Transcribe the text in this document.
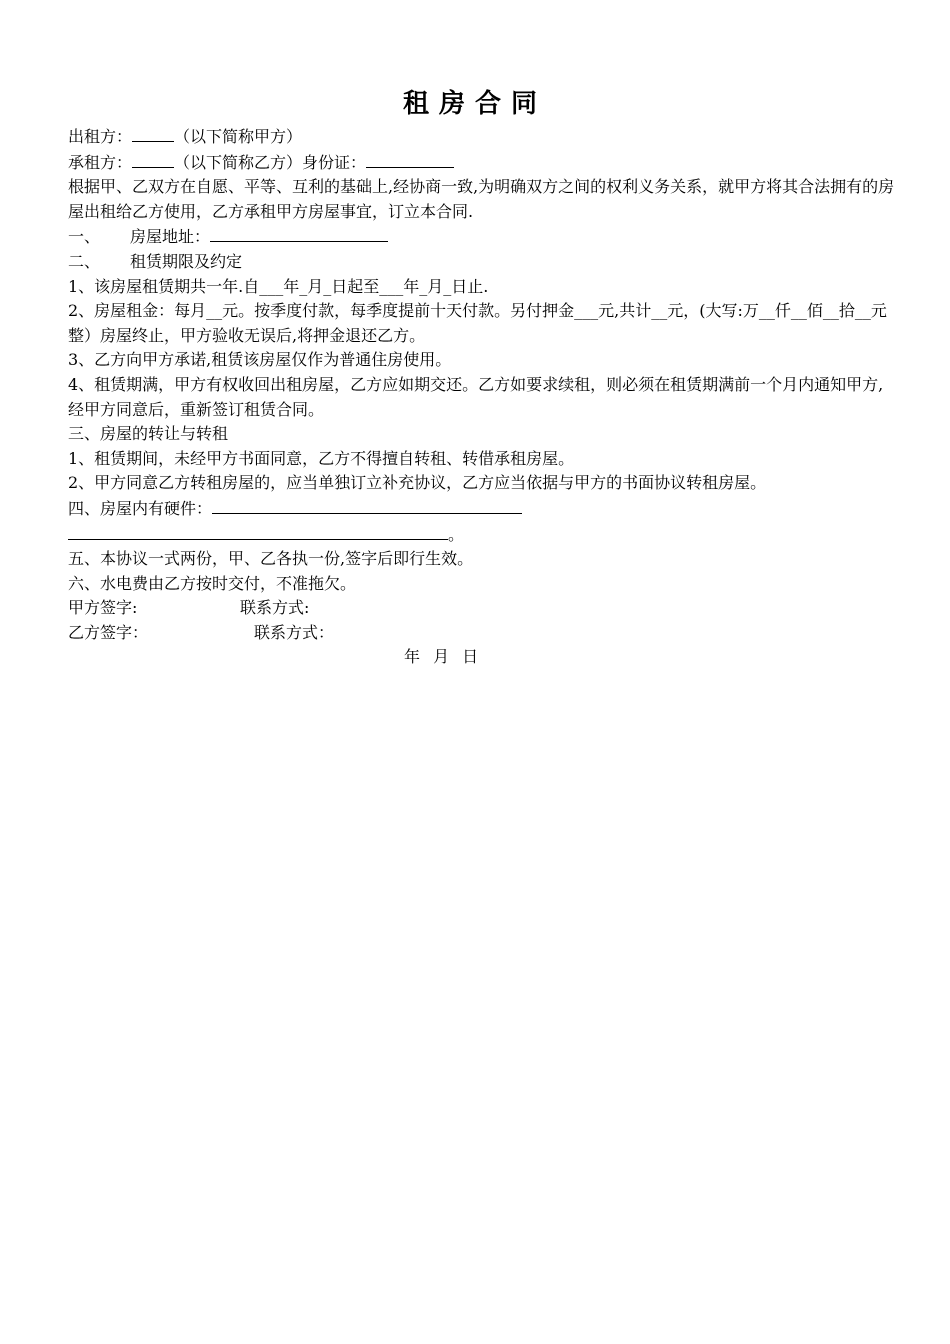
租房合同
出租方：	（以下简称甲方）
承租方：	（以下简称乙方）身份证：
根据甲、乙双方在自愿、平等、互利的基础上,经协商一致,为明确双方之间的权利义务关系，就甲方将其合法拥有的房屋出租给乙方使用，乙方承租甲方房屋事宜，订立本合同.
一、 房屋地址：
二、 租赁期限及约定
1、该房屋租赁期共一年.自___年_月_日起至___年_月_日止.
2、房屋租金：每月__元。按季度付款，每季度提前十天付款。另付押金___元,共计__元，(大写:万__仟__佰__拾__元整）房屋终止，甲方验收无误后,将押金退还乙方。
3、乙方向甲方承诺,租赁该房屋仅作为普通住房使用。
4、租赁期满，甲方有权收回出租房屋，乙方应如期交还。乙方如要求续租，则必须在租赁期满前一个月内通知甲方,经甲方同意后，重新签订租赁合同。
三、房屋的转让与转租
1、租赁期间，未经甲方书面同意，乙方不得擅自转租、转借承租房屋。
2、甲方同意乙方转租房屋的，应当单独订立补充协议，乙方应当依据与甲方的书面协议转租房屋。
四、房屋内有硬件：
。
五、本协议一式两份，甲、乙各执一份,签字后即行生效。
六、水电费由乙方按时交付，不准拖欠。
甲方签字:	联系方式:
乙方签字：	联系方式：
年 月 日
